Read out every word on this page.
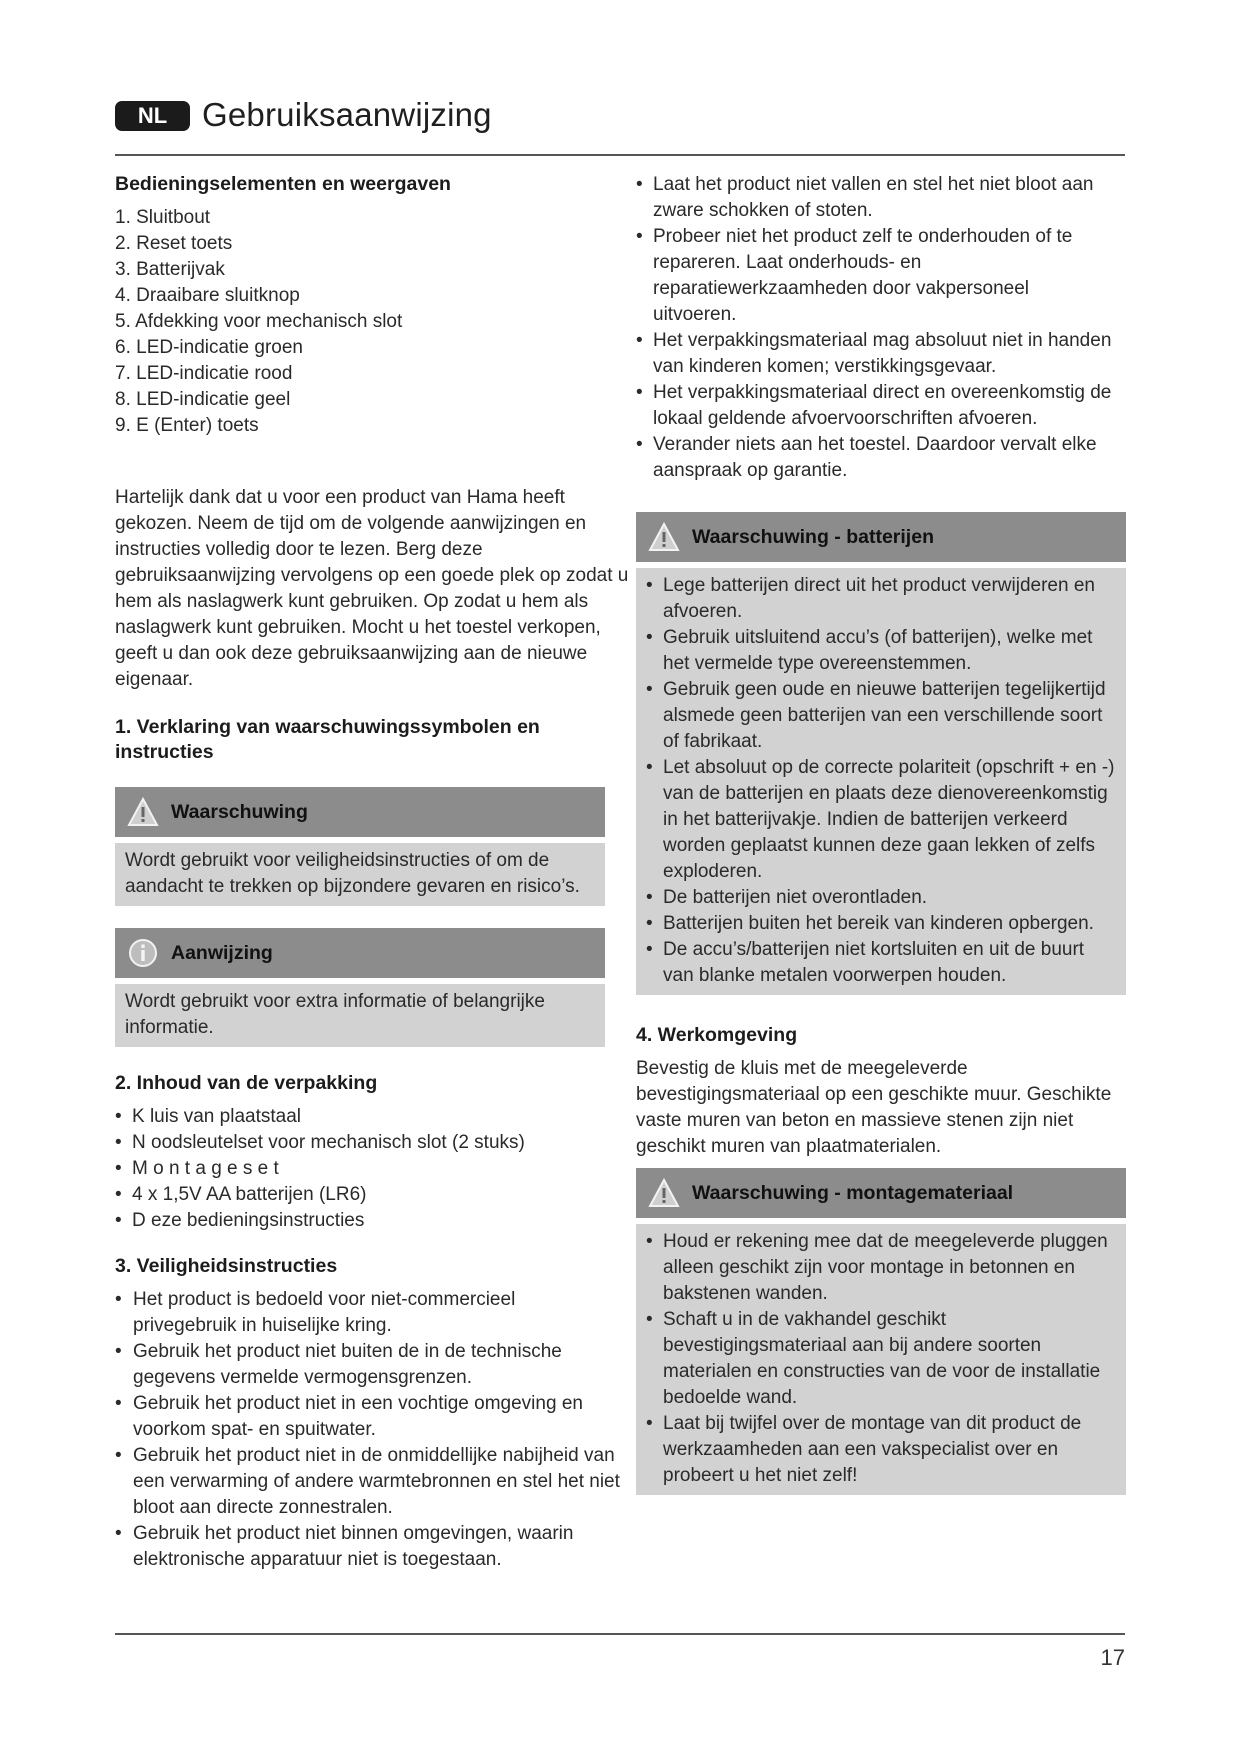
NL	Gebruiksaanwijzing
Bedieningselementen en weergaven
1. Sluitbout
2. Reset toets
3. Batterijvak
4. Draaibare sluitknop
5. Afdekking voor mechanisch slot
6. LED-indicatie groen
7. LED-indicatie rood
8. LED-indicatie geel
9. E (Enter) toets

Hartelijk dank dat u voor een product van Hama heeft gekozen. Neem de tijd om de volgende aanwijzingen en instructies volledig door te lezen. Berg deze gebruiksaanwijzing vervolgens op een goede plek op zodat u hem als naslagwerk kunt gebruiken. Op zodat u hem als naslagwerk kunt gebruiken. Mocht u het toestel verkopen, geeft u dan ook deze gebruiksaanwijzing aan de nieuwe eigenaar.

1. Verklaring van waarschuwingssymbolen en instructies
Waarschuwing
Wordt gebruikt voor veiligheidsinstructies of om de aandacht te trekken op bijzondere gevaren en risico’s.
Aanwijzing
Wordt gebruikt voor extra informatie of belangrijke informatie.
2. Inhoud van de verpakking
• K luis van plaatstaal
• N oodsleutelset voor mechanisch slot (2 stuks)
• M o n t a g e s e t
• 4 x 1,5V AA batterijen (LR6)
• D eze bedieningsinstructies
3. Veiligheidsinstructies
• Het product is bedoeld voor niet-commercieel privegebruik in huiselijke kring.
• Gebruik het product niet buiten de in de technische gegevens vermelde vermogensgrenzen.
• Gebruik het product niet in een vochtige omgeving en voorkom spat- en spuitwater.
• Gebruik het product niet in de onmiddellijke nabijheid van een verwarming of andere warmtebronnen en stel het niet bloot aan directe zonnestralen.
• Gebruik het product niet binnen omgevingen, waarin elektronische apparatuur niet is toegestaan.
• Laat het product niet vallen en stel het niet bloot aan zware schokken of stoten.
• Probeer niet het product zelf te onderhouden of te repareren. Laat onderhouds- en reparatiewerkzaamheden door vakpersoneel uitvoeren.
• Het verpakkingsmateriaal mag absoluut niet in handen van kinderen komen; verstikkingsgevaar.
• Het verpakkingsmateriaal direct en overeenkomstig de lokaal geldende afvoervoorschriften afvoeren.
• Verander niets aan het toestel. Daardoor vervalt elke aanspraak op garantie.
Waarschuwing - batterijen
• Lege batterijen direct uit het product verwijderen en afvoeren.
• Gebruik uitsluitend accu’s (of batterijen), welke met het vermelde type overeenstemmen.
• Gebruik geen oude en nieuwe batterijen tegelijkertijd alsmede geen batterijen van een verschillende soort of fabrikaat.
• Let absoluut op de correcte polariteit (opschrift + en -) van de batterijen en plaats deze dienovereenkomstig in het batterijvakje. Indien de batterijen verkeerd worden geplaatst kunnen deze gaan lekken of zelfs exploderen.
• De batterijen niet overontladen.
• Batterijen buiten het bereik van kinderen opbergen.
• De accu’s/batterijen niet kortsluiten en uit de buurt van blanke metalen voorwerpen houden.
4. Werkomgeving

Bevestig de kluis met de meegeleverde bevestigingsmateriaal op een geschikte muur. Geschikte vaste muren van beton en massieve stenen zijn niet geschikt muren van plaatmaterialen.

Waarschuwing - montagemateriaal
• Houd er rekening mee dat de meegeleverde pluggen alleen geschikt zijn voor montage in betonnen en bakstenen wanden.
• Schaft u in de vakhandel geschikt bevestigingsmateriaal aan bij andere soorten materialen en constructies van de voor de installatie bedoelde wand.
• Laat bij twijfel over de montage van dit product de werkzaamheden aan een vakspecialist over en probeert u het niet zelf!
17
